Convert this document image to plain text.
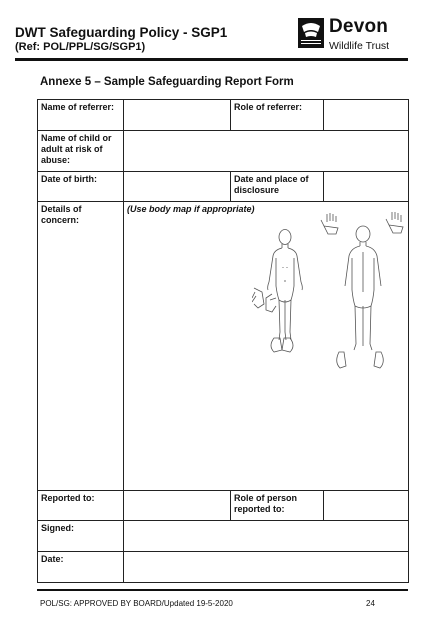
DWT Safeguarding Policy - SGP1
(Ref: POL/PPL/SG/SGP1)
Devon
Wildlife Trust
Annexe 5 – Sample Safeguarding Report Form
Name of referrer:		Role of referrer:	
Name of child or adult at risk of abuse:			
Date of birth:		Date and place of disclosure	
Details of concern:	(Use body map if appropriate)		

Reported to:		Role of person reported to:	
Signed:			
Date:			
POL/SG: APPROVED BY BOARD/Updated 19-5-2020	24
